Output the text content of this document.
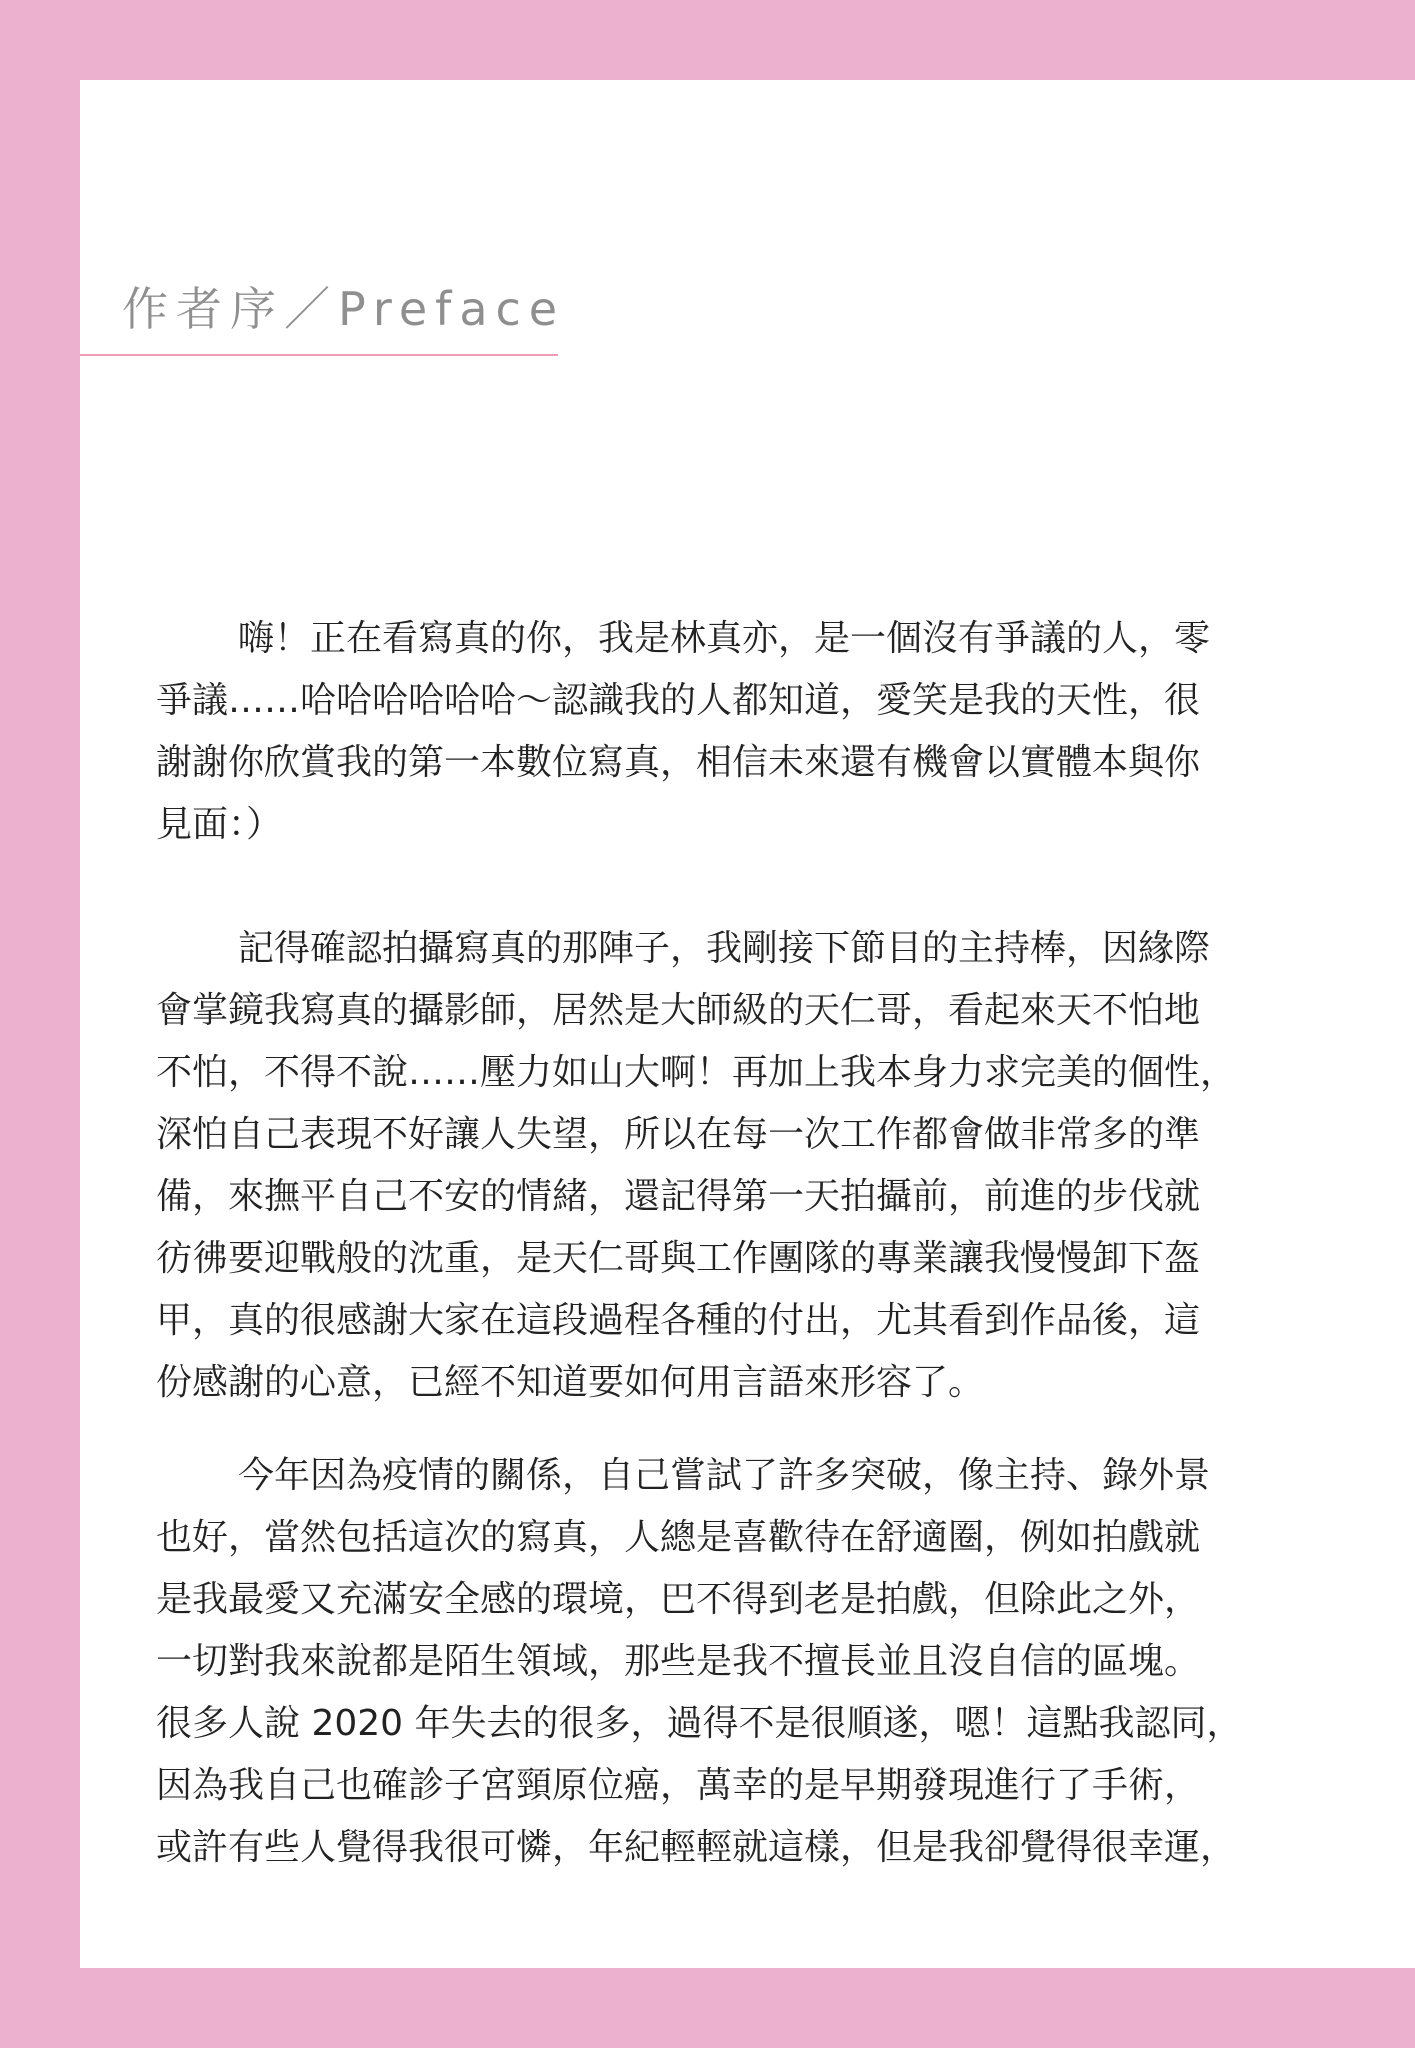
作者序／Preface
嗨！正在看寫真的你，我是林真亦，是一個沒有爭議的人，零
爭議……哈哈哈哈哈哈～認識我的人都知道，愛笑是我的天性，很
謝謝你欣賞我的第一本數位寫真，相信未來還有機會以實體本與你
見面：）
記得確認拍攝寫真的那陣子，我剛接下節目的主持棒，因緣際
會掌鏡我寫真的攝影師，居然是大師級的天仁哥，看起來天不怕地
不怕，不得不說……壓力如山大啊！再加上我本身力求完美的個性，
深怕自己表現不好讓人失望，所以在每一次工作都會做非常多的準
備，來撫平自己不安的情緒，還記得第一天拍攝前，前進的步伐就
彷彿要迎戰般的沈重，是天仁哥與工作團隊的專業讓我慢慢卸下盔
甲，真的很感謝大家在這段過程各種的付出，尤其看到作品後，這
份感謝的心意，已經不知道要如何用言語來形容了。
今年因為疫情的關係，自己嘗試了許多突破，像主持、錄外景
也好，當然包括這次的寫真，人總是喜歡待在舒適圈，例如拍戲就
是我最愛又充滿安全感的環境，巴不得到老是拍戲，但除此之外，
一切對我來說都是陌生領域，那些是我不擅長並且沒自信的區塊。
很多人說 2020 年失去的很多，過得不是很順遂，嗯！這點我認同，
因為我自己也確診子宮頸原位癌，萬幸的是早期發現進行了手術，
或許有些人覺得我很可憐，年紀輕輕就這樣，但是我卻覺得很幸運，
